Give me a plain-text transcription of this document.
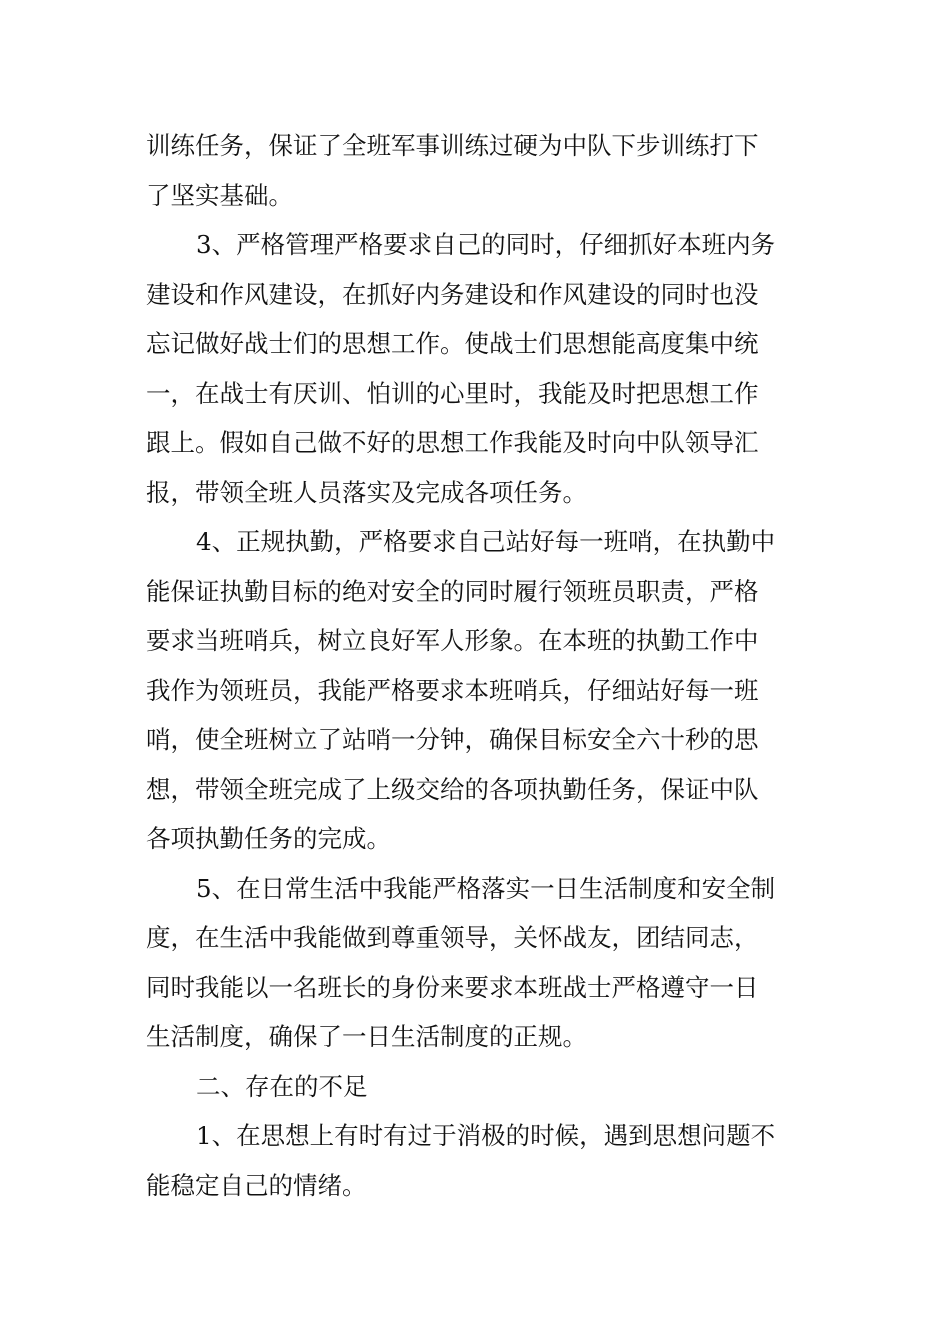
训练任务，保证了全班军事训练过硬为中队下步训练打下
了坚实基础。
3、严格管理严格要求自己的同时，仔细抓好本班内务
建设和作风建设，在抓好内务建设和作风建设的同时也没
忘记做好战士们的思想工作。使战士们思想能高度集中统
一，在战士有厌训、怕训的心里时，我能及时把思想工作
跟上。假如自己做不好的思想工作我能及时向中队领导汇
报，带领全班人员落实及完成各项任务。
4、正规执勤，严格要求自己站好每一班哨，在执勤中
能保证执勤目标的绝对安全的同时履行领班员职责，严格
要求当班哨兵，树立良好军人形象。在本班的执勤工作中
我作为领班员，我能严格要求本班哨兵，仔细站好每一班
哨，使全班树立了站哨一分钟，确保目标安全六十秒的思
想，带领全班完成了上级交给的各项执勤任务，保证中队
各项执勤任务的完成。
5、在日常生活中我能严格落实一日生活制度和安全制
度，在生活中我能做到尊重领导，关怀战友，团结同志，
同时我能以一名班长的身份来要求本班战士严格遵守一日
生活制度，确保了一日生活制度的正规。
二、存在的不足
1、在思想上有时有过于消极的时候，遇到思想问题不
能稳定自己的情绪。
